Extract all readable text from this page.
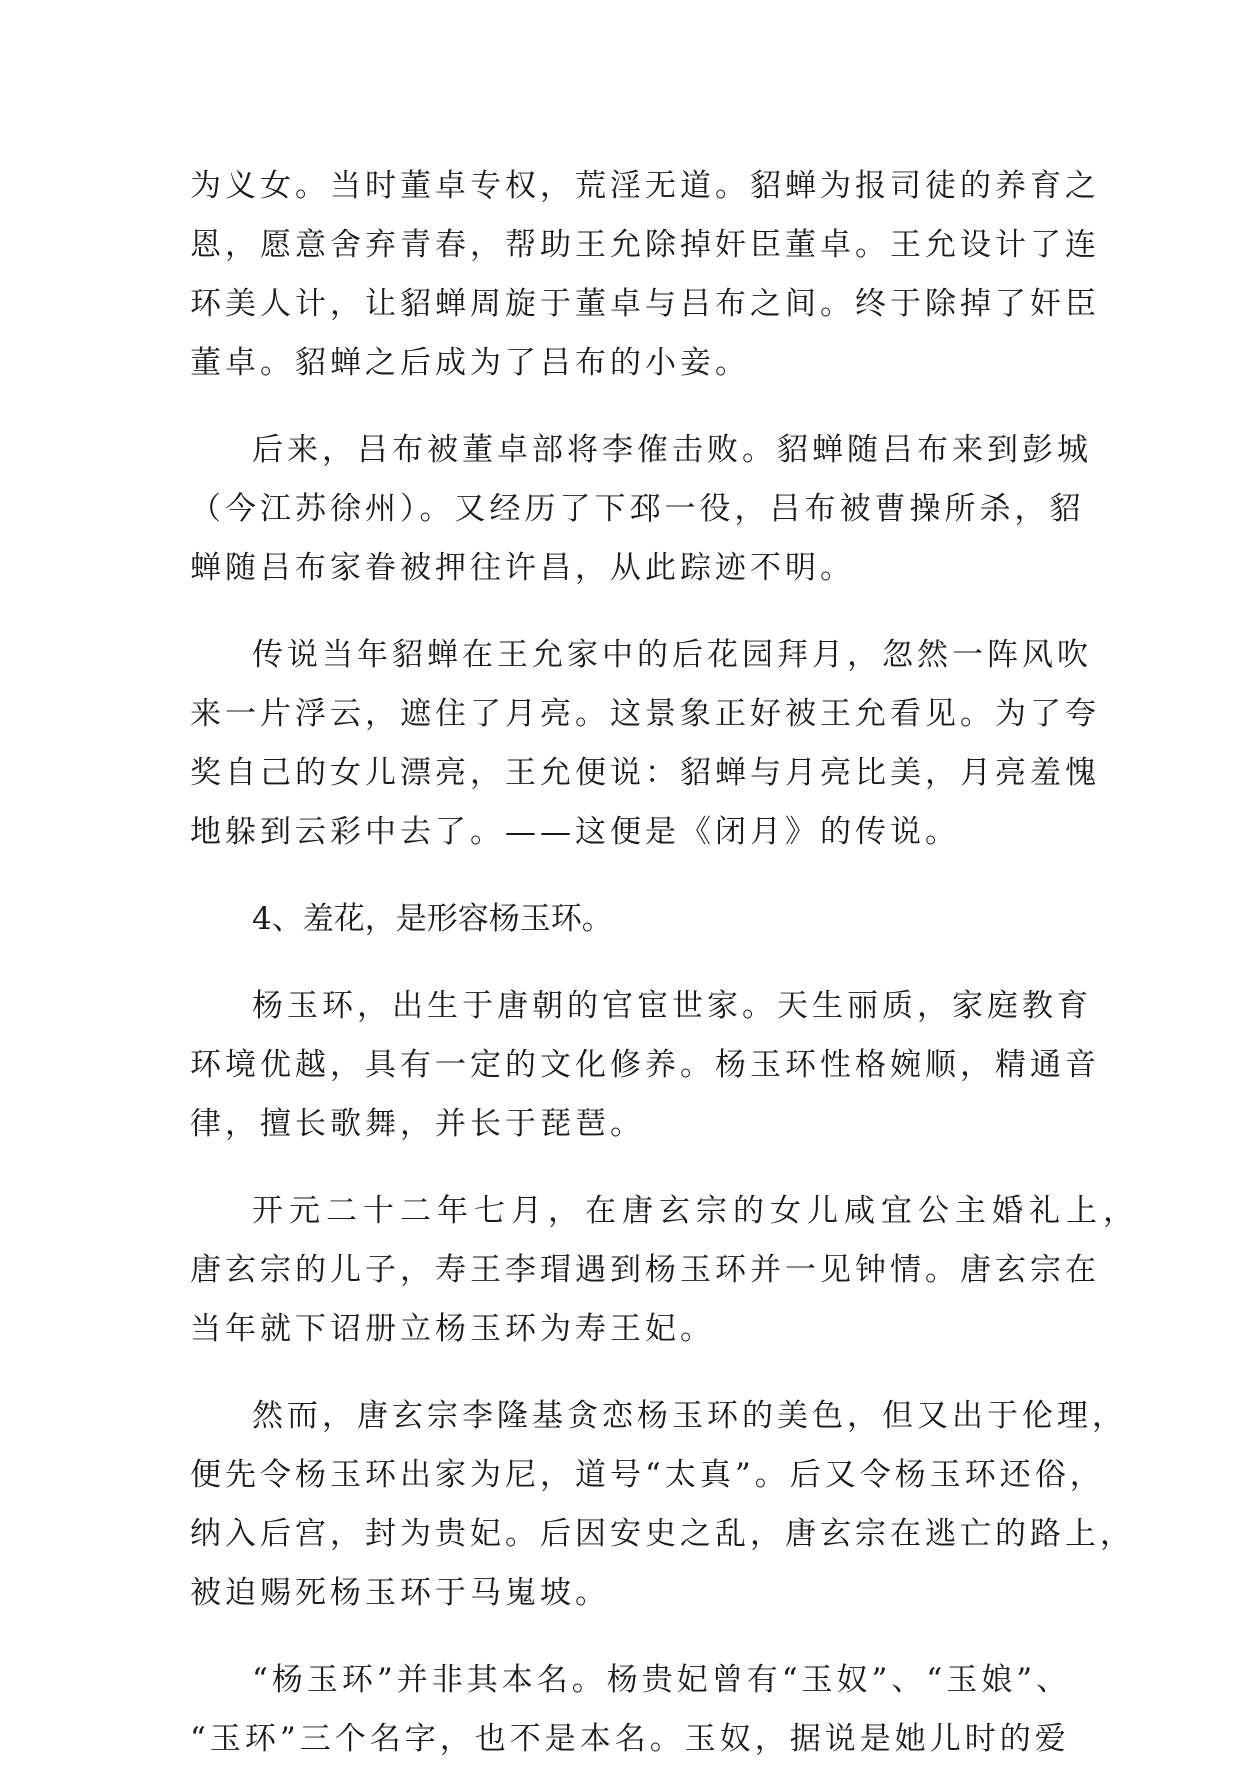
为义女。当时董卓专权，荒淫无道。貂蝉为报司徒的养育之
恩，愿意舍弃青春，帮助王允除掉奸臣董卓。王允设计了连
环美人计，让貂蝉周旋于董卓与吕布之间。终于除掉了奸臣
董卓。貂蝉之后成为了吕布的小妾。
后来，吕布被董卓部将李傕击败。貂蝉随吕布来到彭城
（今江苏徐州）。又经历了下邳一役，吕布被曹操所杀，貂
蝉随吕布家眷被押往许昌，从此踪迹不明。
传说当年貂蝉在王允家中的后花园拜月，忽然一阵风吹
来一片浮云，遮住了月亮。这景象正好被王允看见。为了夸
奖自己的女儿漂亮，王允便说：貂蝉与月亮比美，月亮羞愧
地躲到云彩中去了。——这便是《闭月》的传说。
4、羞花，是形容杨玉环。
杨玉环，出生于唐朝的官宦世家。天生丽质，家庭教育
环境优越，具有一定的文化修养。杨玉环性格婉顺，精通音
律，擅长歌舞，并长于琵琶。
开元二十二年七月，在唐玄宗的女儿咸宜公主婚礼上，
唐玄宗的儿子，寿王李瑁遇到杨玉环并一见钟情。唐玄宗在
当年就下诏册立杨玉环为寿王妃。
然而，唐玄宗李隆基贪恋杨玉环的美色，但又出于伦理，
便先令杨玉环出家为尼，道号“太真”。后又令杨玉环还俗，
纳入后宫，封为贵妃。后因安史之乱，唐玄宗在逃亡的路上，
被迫赐死杨玉环于马嵬坡。
“杨玉环”并非其本名。杨贵妃曾有“玉奴”、“玉娘”、
“玉环”三个名字，也不是本名。玉奴，据说是她儿时的爱
